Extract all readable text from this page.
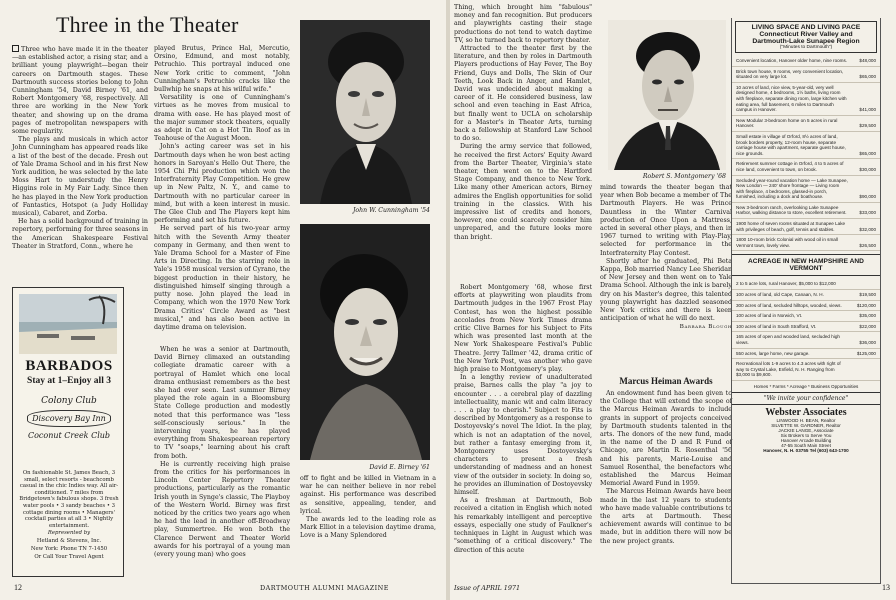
Three in the Theater

Three who have made it in the theater—an established actor, a rising star, and a brilliant young playwright—began their careers on Dartmouth stages. These Dartmouth success stories belong to John Cunningham '54, David Birney '61, and Robert Montgomery '68, respectively. All three are working in the New York theater, and showing up on the drama pages of metropolitan newspapers with some regularity.

The plays and musicals in which actor John Cunningham has appeared reads like a list of the best of the decade. Fresh out of Yale Drama School and in his first New York audition, he was selected by the late Moss Hart to understudy the Henry Higgins role in My Fair Lady. Since then he has played in the New York production of Fantastics, Hotspot (a Judy Holliday musical), Cabaret, and Zorba.

He has a solid background of training in repertory, performing for three seasons in the American Shakespeare Festival Theater in Stratford, Conn., where he

played Brutus, Prince Hal, Mercutio, Orsino, Edmund, and most notably, Petruchio. This portrayal induced one New York critic to comment, "John Cunningham's Petruchio cracks like the bullwhip he snaps at his wilful wife."

Versatility is one of Cunningham's virtues as he moves from musical to drama with ease. He has played most of the major summer stock theaters, equally as adept in Cat on a Hot Tin Roof as in Teahouse of the August Moon.

John's acting career was set in his Dartmouth days when he won best acting honors in Saroyan's Hello Out There, the 1954 Chi Phi production which won the Interfraternity Play Competition. He grew up in New Paltz, N. Y., and came to Dartmouth with no particular career in mind, but with a keen interest in music. The Glee Club and The Players kept him performing and set his future.

He served part of his two-year army hitch with the Seventh Army theater company in Germany, and then went to Yale Drama School for a Master of Fine Arts in Directing. In the starring role in Yale's 1958 musical version of Cyrano, the biggest production in their history, he distinguished himself singing through a putty nose. John played the lead in Company, which won the 1970 New York Drama Critics' Circle Award as "best musical," and has also been active in daytime drama on television.

When he was a senior at Dartmouth, David Birney climaxed an outstanding collegiate dramatic career with a portrayal of Hamlet which one local drama enthusiast remembers as the best she had ever seen. Last summer Birney played the role again in a Bloomsburg State College production and modestly noted that this performance was "less self-consciously serious." In the intervening years, he has played everything from Shakespearean repertory to TV "soaps," learning about his craft from both.

He is currently receiving high praise from the critics for his performances in Lincoln Center Repertory Theater productions, particularly as the romantic Irish youth in Synge's classic, The Playboy of the Western World. Birney was first noticed by the critics two years ago when he had the lead in another off-Broadway play, Summertree. He won both the Clarence Derwent and Theater World awards for his portrayal of a young man (every young man) who goes

John W. Cunningham '54
David E. Birney '61

off to fight and be killed in Vietnam in a war he can neither believe in nor rebel against. His performance was described as sensitive, appealing, tender, and lyrical.

The awards led to the leading role as Mark Elliot in a television daytime drama, Love is a Many Splendored

BARBADOS
Stay at 1–Enjoy all 3
Colony Club
Discovery Bay Inn
Coconut Creek Club
On fashionable St. James Beach, 3 small, select resorts - beachcomb casual in the chic Indies way. All air-conditioned. 7 miles from Bridgetown's fabulous shops. 3 fresh water pools • 3 sandy beaches • 3 cottage dining rooms • Managers' cocktail parties at all 3 • Nightly entertainment.
Represented by
Hetland & Stevens, Inc.
New York: Phone TN 7-1450
Or Call Your Travel Agent
12

Thing, which brought him "fabulous" money and fan recognition. But producers and playwrights casting their stage productions do not tend to watch daytime TV, so he turned back to repertory theater.

Attracted to the theater first by the literature, and then by roles in Dartmouth Players productions of Hay Fever, The Boy Friend, Guys and Dolls, The Skin of Our Teeth, Look Back in Anger, and Hamlet, David was undecided about making a career of it. He considered business, law school and even teaching in East Africa, but finally went to UCLA on scholarship for a Master's in Theater Arts, turning back a fellowship at Stanford Law School to do so.

During the army service that followed, he received the first Actors' Equity Award from the Barter Theater, Virginia's state theater, then went on to the Hartford Stage Company, and thence to New York. Like many other American actors, Birney admires the English opportunities for solid training in the classics. With his impressive list of credits and honors, however, one could scarcely consider him unprepared, and the future looks more than bright.

Robert Montgomery '68, whose first efforts at playwriting won plaudits from Dartmouth judges in the 1967 Frost Play Contest, has won the highest possible accolades from New York Times drama critic Clive Barnes for his Subject to Fits which was presented last month at the New York Shakespeare Festival's Public Theatre. Jerry Tallmer '42, drama critic of the New York Post, was another who gave high praise to Montgomery's play.

In a lengthy review of unadulterated praise, Barnes calls the play "a joy to encounter . . . a cerebral play of dazzling intellectuality, manic wit and calm literacy . . . a play to cherish." Subject to Fits is described by Montgomery as a response to Dostoyevsky's novel The Idiot. In the play, which is not an adaptation of the novel, but rather a fantasy emerging from it, Montgomery uses Dostoyevsky's characters to present a fresh understanding of madness and an honest view of the outsider in society. In doing so, he provides an illumination of Dostoyevsky himself.

As a freshman at Dartmouth, Bob received a citation in English which noted his remarkably intelligent and perceptive essays, especially one study of Faulkner's techniques in Light in August which was "something of a critical discovery." The direction of this acute

Robert S. Montgomery '68

mind towards the theater began that year when Bob became a member of The Dartmouth Players. He was Prince Dauntless in the Winter Carnival production of Once Upon a Mattress, acted in several other plays, and then in 1967 turned to writing with Play-Play, selected for performance in the Interfraternity Play Contest.

Shortly after he graduated, Phi Beta Kappa, Bob married Nancy Lee Sheridan of New Jersey and then went on to Yale Drama School. Although the ink is barely dry on his Master's degree, this talented young playwright has dazzled seasoned New York critics and there is keen anticipation of what he will do next.

Barbara Blough
Marcus Heiman Awards

An endowment fund has been given to the College that will extend the scope of the Marcus Heiman Awards to include grants in support of projects conceived by Dartmouth students talented in the arts. The donors of the new fund, made in the name of the D and R Fund of Chicago, are Martin R. Rosenthal '56 and his parents, Marie-Louise and Samuel Rosenthal, the benefactors who established the Marcus Heiman Memorial Award Fund in 1959.

The Marcus Heiman Awards have been made in the last 12 years to students who have made valuable contributions to the arts at Dartmouth. These achievement awards will continue to be made, but in addition there will now be the new project grants.

DARTMOUTH ALUMNI MAGAZINE	Issue of APRIL 1971	13
LIVING SPACE AND LIVING PACE
Connecticut River Valley and
Dartmouth-Lake Sunapee Region
("Minutes to Dartmouth")
Convenient location, Hanover older home, nine rooms.	$48,000
Brick town house, 9 rooms, very convenient location, situated on very large lot.	$65,000
10 acres of land, nice view, 5-year-old, very well designed home, 4 bedrooms, 1½ baths, living room with fireplace, separate dining room, large kitchen with eating area, full basement, 6 miles to Dartmouth campus in Hanover.	$41,000
New Modular 3-bedroom home on 5 acres in rural Hanover.	$29,500
Small estate in village of Orford, 8½ acres of land, brook borders property, 12-room house, separate carriage house with apartment, separate guest house, nice grounds.	$65,000
Retirement summer cottage in Orford, 4 to 5 acres of nice land, convenient to town, on brook.	$30,000
Secluded year-round vacation home — Lake Sunapee, New London — 240' shore frontage — Living room with fireplace, 4 bedrooms, glassed-in porch, furnished, including a dock and boathouse.	$90,000
New 3-bedroom ranch, overlooking Lake Sunapee Harbor, walking distance to store, excellent retirement.	$33,000
1900 home of seven rooms situated at Sunapee Lake with privileges of beach, golf, tennis and stables.	$32,000
1800 10-room brick Colonial with wood oil in small Vermont town, lovely view.	$26,500
ACREAGE IN NEW HAMPSHIRE AND VERMONT
2 to 5 acre lots, rural Hanover, $5,000 to $12,000
100 acres of land, old Cape, Canaan, N. H.	$19,500
300 acres of land, secluded hilltops, wooded, views.	$120,000
100 acres of land in Norwich, Vt.	$35,000
100 acres of land in South Strafford, Vt.	$22,000
165 acres of open and wooded land, secluded high views.	$36,000
550 acres, large home, new garage.	$125,000
Recreational lots 1-9 acres to 4.3 acres with right of way to Crystal Lake, Enfield, N. H. Ranging from $3,000 to $9,600.
Homes * Farms * Acreage * Business Opportunities
"We invite your confidence"
Webster Associates
LINWOOD H. BEAN, Realtor
SILVETTE W. GARDNER, Realtor
JACKIE LANGE, Associate
Six Brokers to Serve You
Hanover Arcade Building
47-55 South Main Street
Hanover, N. H. 03755 Tel (603) 643-1700
